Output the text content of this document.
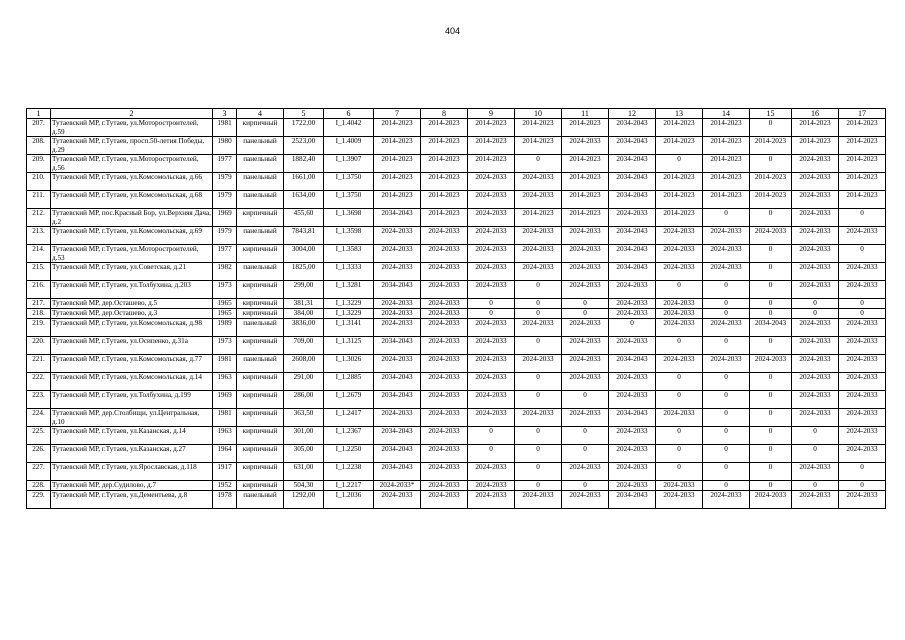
404
1	2	3	4	5	6	7	8	9	10	11	12	13	14	15	16	17
207.	Тутаевский МР, г.Тутаев, ул.Моторостроителей, д.59	1981	кирпичный	1722,00	I_1.4042	2014-2023	2014-2023	2014-2023	2014-2023	2014-2023	2034-2043	2014-2023	2014-2023	0	2014-2023	2014-2023
208.	Тутаевский МР, г.Тутаев, просп.50-летия Победы, д.29	1980	панельный	2523,00	I_1.4009	2014-2023	2014-2023	2014-2023	2014-2023	2024-2033	2034-2043	2014-2023	2014-2023	2014-2023	2014-2023	2014-2023
209.	Тутаевский МР, г.Тутаев, ул.Моторостроителей, д.56	1977	панельный	1882,40	I_1.3907	2014-2023	2014-2023	2014-2023	0	2014-2023	2034-2043	0	2014-2023	0	2024-2033	2014-2023
210.	Тутаевский МР, г.Тутаев, ул.Комсомольская, д.66	1979	панельный	1661,00	I_1.3750	2014-2023	2014-2023	2024-2033	2024-2033	2014-2023	2034-2043	2014-2023	2014-2023	2014-2023	2024-2033	2014-2023
211.	Тутаевский МР, г.Тутаев, ул.Комсомольская, д.68	1979	панельный	1634,00	I_1.3750	2014-2023	2014-2023	2024-2033	2024-2033	2014-2023	2034-2043	2014-2023	2014-2023	2014-2023	2024-2033	2014-2023
212.	Тутаевский МР, пос.Красный Бор, ул.Верхняя Дача, д.2	1969	кирпичный	455,60	I_1.3698	2034-2043	2014-2023	2024-2033	2014-2023	2014-2023	2024-2033	2014-2023	0	0	2024-2033	0
213.	Тутаевский МР, г.Тутаев, ул.Комсомольская, д.69	1979	панельный	7843,81	I_1.3598	2024-2033	2024-2033	2024-2033	2024-2033	2024-2033	2034-2043	2024-2033	2024-2033	2024-2033	2024-2033	2024-2033
214.	Тутаевский МР, г.Тутаев, ул.Моторостроителей, д.53	1977	кирпичный	3004,00	I_1.3583	2024-2033	2024-2033	2024-2033	2024-2033	2024-2033	2034-2043	2024-2033	2024-2033	0	2024-2033	0
215.	Тутаевский МР, г.Тутаев, ул.Советская, д.21	1982	панельный	1825,00	I_1.3333	2024-2033	2024-2033	2024-2033	2024-2033	2024-2033	2034-2043	2024-2033	2024-2033	0	2024-2033	2024-2033
216.	Тутаевский МР, г.Тутаев, ул.Толбухина, д.203	1973	кирпичный	299,00	I_1.3281	2034-2043	2024-2033	2024-2033	0	2024-2033	2024-2033	0	0	0	2024-2033	2024-2033
217.	Тутаевский МР, дер.Осташево, д.5	1965	кирпичный	381,31	I_1.3229	2024-2033	2024-2033	0	0	0	2024-2033	2024-2033	0	0	0	0
218.	Тутаевский МР, дер.Осташево, д.3	1965	кирпичный	384,00	I_1.3229	2024-2033	2024-2033	0	0	0	2024-2033	2024-2033	0	0	0	0
219.	Тутаевский МР, г.Тутаев, ул.Комсомольская, д.98	1989	панельный	3836,00	I_1.3141	2024-2033	2024-2033	2024-2033	2024-2033	2024-2033	0	2024-2033	2024-2033	2034-2043	2024-2033	2024-2033
220.	Тутаевский МР, г.Тутаев, ул.Осипенко, д.31а	1973	кирпичный	709,00	I_1.3125	2034-2043	2024-2033	2024-2033	0	2024-2033	2024-2033	0	0	0	2024-2033	2024-2033
221.	Тутаевский МР, г.Тутаев, ул.Комсомольская, д.77	1981	панельный	2608,00	I_1.3026	2024-2033	2024-2033	2024-2033	2024-2033	2024-2033	2034-2043	2024-2033	2024-2033	2024-2033	2024-2033	2024-2033
222.	Тутаевский МР, г.Тутаев, ул.Комсомольская, д.14	1963	кирпичный	291,00	I_1.2885	2034-2043	2024-2033	2024-2033	0	2024-2033	2024-2033	0	0	0	2024-2033	2024-2033
223.	Тутаевский МР, г.Тутаев, ул.Толбухина, д.199	1969	кирпичный	286,00	I_1.2679	2034-2043	2024-2033	2024-2033	0	0	2024-2033	0	0	0	2024-2033	2024-2033
224.	Тутаевский МР, дер.Столбищи, ул.Центральная, д.10	1981	кирпичный	363,50	I_1.2417	2024-2033	2024-2033	2024-2033	2024-2033	2024-2033	2034-2043	2024-2033	0	0	2024-2033	2024-2033
225.	Тутаевский МР, г.Тутаев, ул.Казанская, д.14	1963	кирпичный	301,00	I_1.2367	2034-2043	2024-2033	0	0	0	2024-2033	0	0	0	0	2024-2033
226.	Тутаевский МР, г.Тутаев, ул.Казанская, д.27	1964	кирпичный	305,00	I_1.2250	2034-2043	2024-2033	0	0	0	2024-2033	0	0	0	0	2024-2033
227.	Тутаевский МР, г.Тутаев, ул.Ярославская, д.118	1917	кирпичный	631,00	I_1.2238	2034-2043	2024-2033	2024-2033	0	2024-2033	2024-2033	0	0	0	2024-2033	0
228.	Тутаевский МР, дер.Судилово, д.7	1952	кирпичный	504,30	I_1.2217	2024-2033*	2024-2033	2024-2033	0	0	2024-2033	2024-2033	0	0	0	0
229.	Тутаевский МР, г.Тутаев, ул.Дементьева, д.8	1978	панельный	1292,00	I_1.2036	2024-2033	2024-2033	2024-2033	2024-2033	2024-2033	2034-2043	2024-2033	2024-2033	2024-2033	2024-2033	2024-2033
